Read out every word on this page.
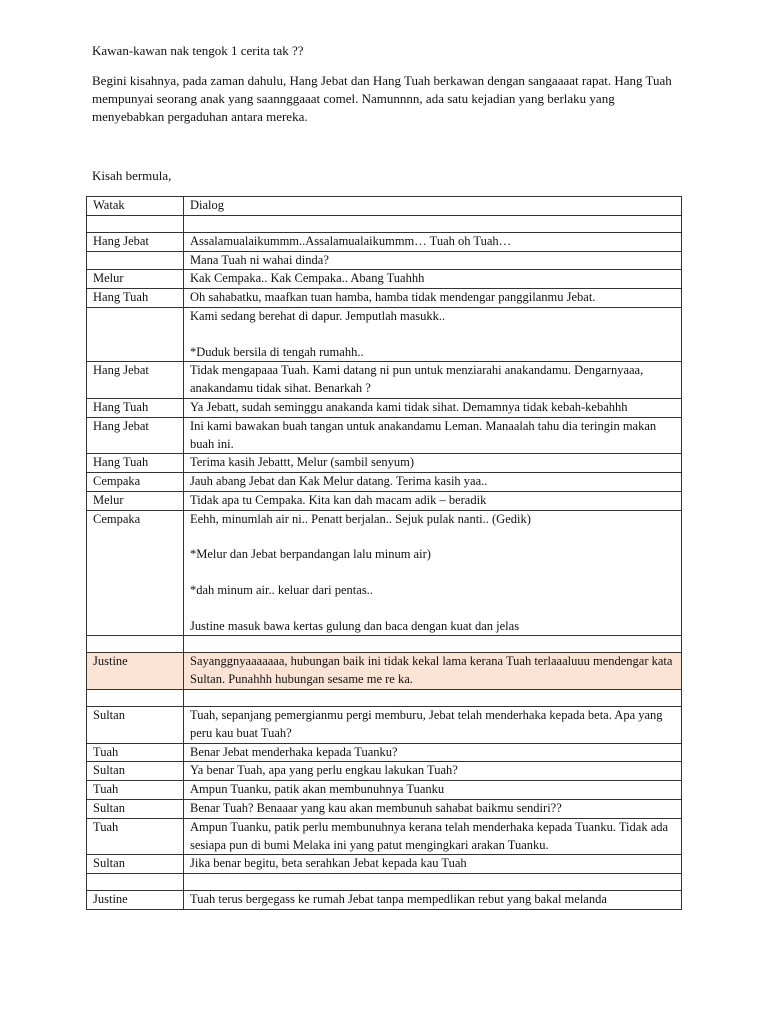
Kawan-kawan nak tengok 1 cerita tak ??
Begini kisahnya, pada zaman dahulu, Hang Jebat dan Hang Tuah berkawan dengan sangaaaat rapat. Hang Tuah mempunyai seorang anak yang saannggaaat comel. Namunnnn, ada satu kejadian yang berlaku yang menyebabkan pergaduhan antara mereka.
Kisah bermula,
Watak	Dialog

Hang Jebat	Assalamualaikummm..Assalamualaikummm… Tuah oh Tuah…
	Mana Tuah ni wahai dinda?
Melur	Kak Cempaka.. Kak Cempaka.. Abang Tuahhh
Hang Tuah	Oh sahabatku, maafkan tuan hamba, hamba tidak mendengar panggilanmu Jebat.
	Kami sedang berehat di dapur. Jemputlah masukk..

*Duduk bersila di tengah rumahh..
Hang Jebat	Tidak mengapaaa Tuah. Kami datang ni pun untuk menziarahi anakandamu. Dengarnyaaa, anakandamu tidak sihat. Benarkah ?
Hang Tuah	Ya Jebatt, sudah seminggu anakanda kami tidak sihat. Demamnya tidak kebah-kebahhh
Hang Jebat	Ini kami bawakan buah tangan untuk anakandamu Leman. Manaalah tahu dia teringin makan buah ini.
Hang Tuah	Terima kasih Jebattt, Melur (sambil senyum)
Cempaka	Jauh abang Jebat dan Kak Melur datang. Terima kasih yaa..
Melur	Tidak apa tu Cempaka. Kita kan dah macam adik – beradik
Cempaka	Eehh, minumlah air ni.. Penatt berjalan.. Sejuk pulak nanti.. (Gedik)

*Melur dan Jebat berpandangan lalu minum air)

*dah minum air.. keluar dari pentas..

Justine masuk bawa kertas gulung dan baca dengan kuat dan jelas

Justine	Sayanggnyaaaaaaa, hubungan baik ini tidak kekal lama kerana Tuah terlaaaluuu mendengar kata Sultan. Punahhh hubungan sesame me re ka.

Sultan	Tuah, sepanjang pemergianmu pergi memburu, Jebat telah menderhaka kepada beta. Apa yang peru kau buat Tuah?
Tuah	Benar Jebat menderhaka kepada Tuanku?
Sultan	Ya benar Tuah, apa yang perlu engkau lakukan Tuah?
Tuah	Ampun Tuanku, patik akan membunuhnya Tuanku
Sultan	Benar Tuah? Benaaar yang kau akan membunuh sahabat baikmu sendiri??
Tuah	Ampun Tuanku, patik perlu membunuhnya kerana telah menderhaka kepada Tuanku. Tidak ada sesiapa pun di bumi Melaka ini yang patut mengingkari arakan Tuanku.
Sultan	Jika benar begitu, beta serahkan Jebat kepada kau Tuah

Justine	Tuah terus bergegass ke rumah Jebat tanpa mempedlikan rebut yang bakal melanda
